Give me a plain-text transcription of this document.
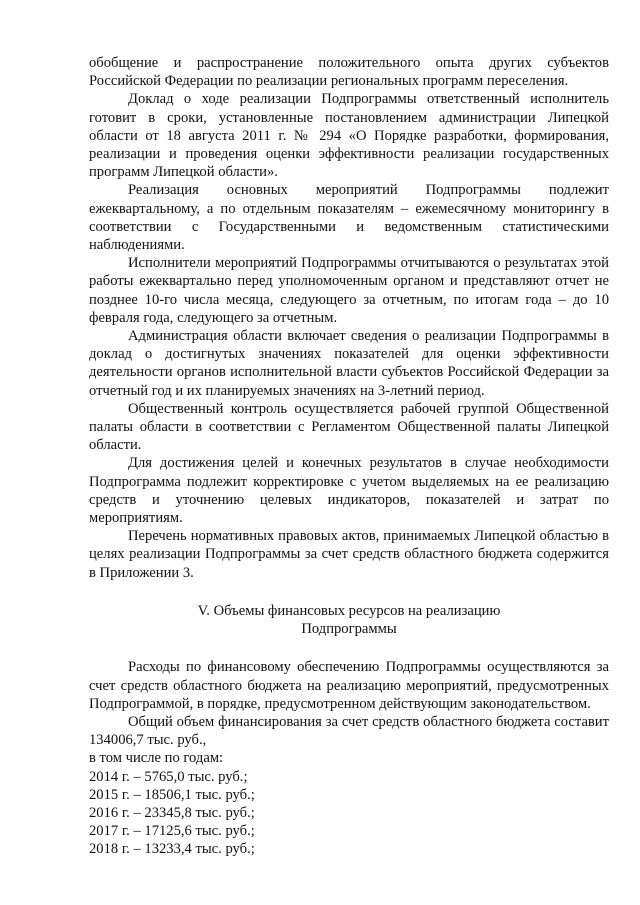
обобщение и распространение положительного опыта других субъектов Российской Федерации по реализации региональных программ переселения.

Доклад о ходе реализации Подпрограммы ответственный исполнитель готовит в сроки, установленные постановлением администрации Липецкой области от 18 августа 2011 г. № 294 «О Порядке разработки, формирования, реализации и проведения оценки эффективности реализации государственных программ Липецкой области».

Реализация основных мероприятий Подпрограммы подлежит ежеквартальному, а по отдельным показателям – ежемесячному мониторингу в соответствии с Государственными и ведомственным статистическими наблюдениями.

Исполнители мероприятий Подпрограммы отчитываются о результатах этой работы ежеквартально перед уполномоченным органом и представляют отчет не позднее 10-го числа месяца, следующего за отчетным, по итогам года – до 10 февраля года, следующего за отчетным.

Администрация области включает сведения о реализации Подпрограммы в доклад о достигнутых значениях показателей для оценки эффективности деятельности органов исполнительной власти субъектов Российской Федерации за отчетный год и их планируемых значениях на 3-летний период.

Общественный контроль осуществляется рабочей группой Общественной палаты области в соответствии с Регламентом Общественной палаты Липецкой области.

Для достижения целей и конечных результатов в случае необходимости Подпрограмма подлежит корректировке с учетом выделяемых на ее реализацию средств и уточнению целевых индикаторов, показателей и затрат по мероприятиям.

Перечень нормативных правовых актов, принимаемых Липецкой областью в целях реализации Подпрограммы за счет средств областного бюджета содержится в Приложении 3.

V. Объемы финансовых ресурсов на реализацию
Подпрограммы

Расходы по финансовому обеспечению Подпрограммы осуществляются за счет средств областного бюджета на реализацию мероприятий, предусмотренных Подпрограммой, в порядке, предусмотренном действующим законодательством.

Общий объем финансирования за счет средств областного бюджета составит 134006,7 тыс. руб.,

в том числе по годам:
2014 г. – 5765,0 тыс. руб.;
2015 г. – 18506,1 тыс. руб.;
2016 г. – 23345,8 тыс. руб.;
2017 г. – 17125,6 тыс. руб.;
2018 г. – 13233,4 тыс. руб.;
